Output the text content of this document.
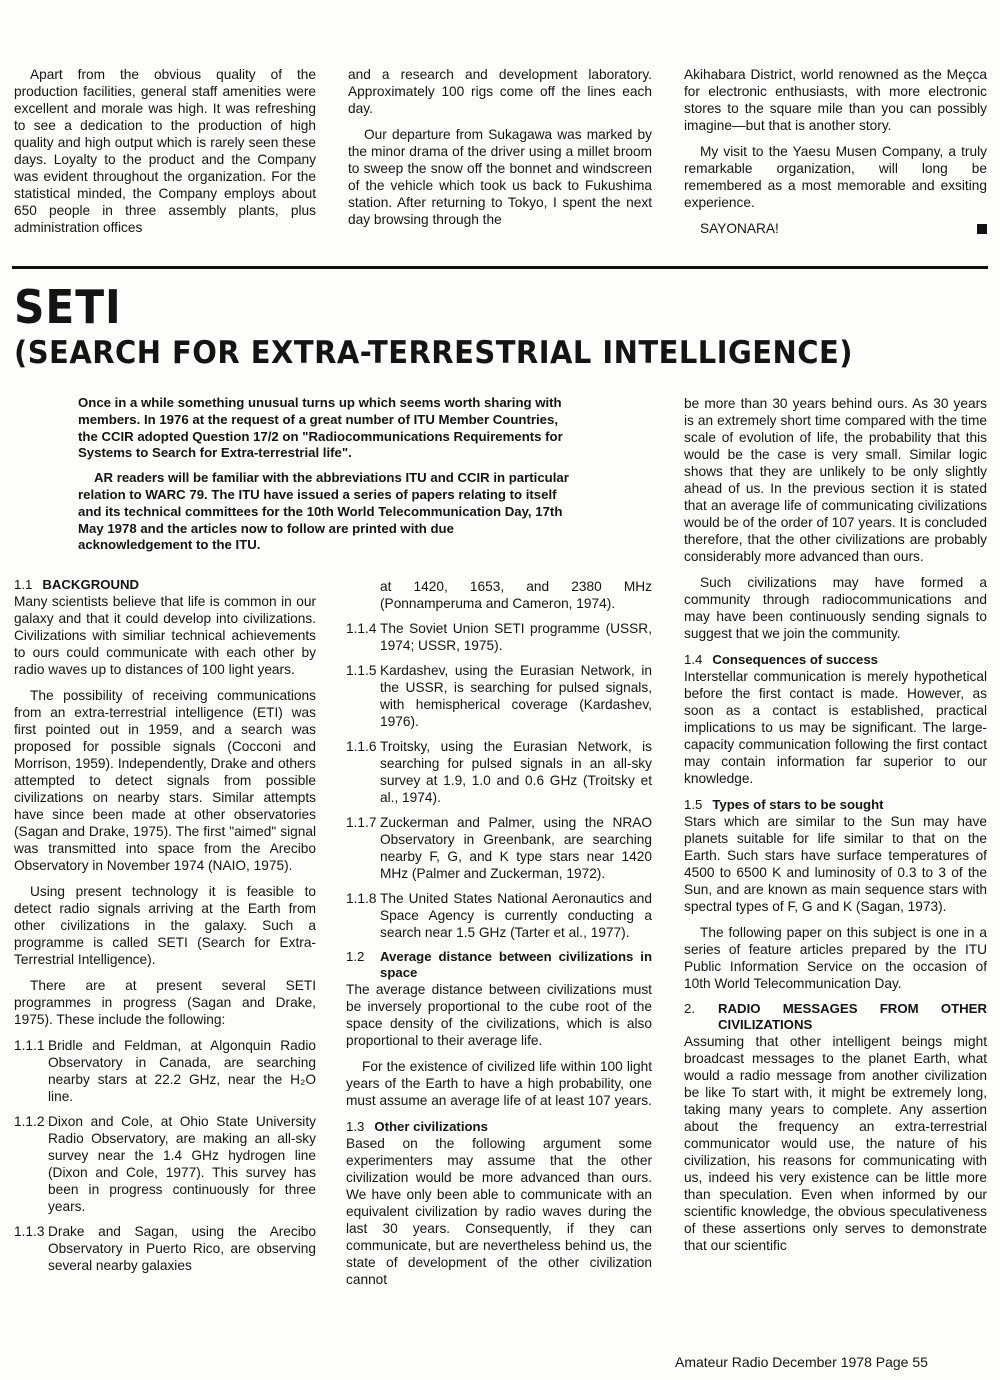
Apart from the obvious quality of the production facilities, general staff amenities were excellent and morale was high. It was refreshing to see a dedication to the production of high quality and high output which is rarely seen these days. Loyalty to the product and the Company was evident throughout the organization. For the statistical minded, the Company employs about 650 people in three assembly plants, plus administration offices

and a research and development laboratory. Approximately 100 rigs come off the lines each day.

Our departure from Sukagawa was marked by the minor drama of the driver using a millet broom to sweep the snow off the bonnet and windscreen of the vehicle which took us back to Fukushima station. After returning to Tokyo, I spent the next day browsing through the

Akihabara District, world renowned as the Meçca for electronic enthusiasts, with more electronic stores to the square mile than you can possibly imagine—but that is another story.

My visit to the Yaesu Musen Company, a truly remarkable organization, will long be remembered as a most memorable and exsiting experience.

SAYONARA!
SETI
(SEARCH FOR EXTRA-TERRESTRIAL INTELLIGENCE)

Once in a while something unusual turns up which seems worth sharing with members. In 1976 at the request of a great number of ITU Member Countries, the CCIR adopted Question 17/2 on "Radiocommunications Requirements for Systems to Search for Extra-terrestrial life".

AR readers will be familiar with the abbreviations ITU and CCIR in particular relation to WARC 79. The ITU have issued a series of papers relating to itself and its technical committees for the 10th World Telecommunication Day, 17th May 1978 and the articles now to follow are printed with due acknowledgement to the ITU.

1.1 BACKGROUND

Many scientists believe that life is common in our galaxy and that it could develop into civilizations. Civilizations with similiar technical achievements to ours could communicate with each other by radio waves up to distances of 100 light years.

The possibility of receiving communications from an extra-terrestrial intelligence (ETI) was first pointed out in 1959, and a search was proposed for possible signals (Cocconi and Morrison, 1959). Independently, Drake and others attempted to detect signals from possible civilizations on nearby stars. Similar attempts have since been made at other observatories (Sagan and Drake, 1975). The first "aimed" signal was transmitted into space from the Arecibo Observatory in November 1974 (NAIO, 1975).

Using present technology it is feasible to detect radio signals arriving at the Earth from other civilizations in the galaxy. Such a programme is called SETI (Search for Extra-Terrestrial Intelligence).

There are at present several SETI programmes in progress (Sagan and Drake, 1975). These include the following:

1.1.1 Bridle and Feldman, at Algonquin Radio Observatory in Canada, are searching nearby stars at 22.2 GHz, near the H₂O line.
1.1.2 Dixon and Cole, at Ohio State University Radio Observatory, are making an all-sky survey near the 1.4 GHz hydrogen line (Dixon and Cole, 1977). This survey has been in progress continuously for three years.
1.1.3 Drake and Sagan, using the Arecibo Observatory in Puerto Rico, are observing several nearby galaxies
at 1420, 1653, and 2380 MHz (Ponnamperuma and Cameron, 1974).
1.1.4 The Soviet Union SETI programme (USSR, 1974; USSR, 1975).
1.1.5 Kardashev, using the Eurasian Network, in the USSR, is searching for pulsed signals, with hemispherical coverage (Kardashev, 1976).
1.1.6 Troitsky, using the Eurasian Network, is searching for pulsed signals in an all-sky survey at 1.9, 1.0 and 0.6 GHz (Troitsky et al., 1974).
1.1.7 Zuckerman and Palmer, using the NRAO Observatory in Greenbank, are searching nearby F, G, and K type stars near 1420 MHz (Palmer and Zuckerman, 1972).
1.1.8 The United States National Aeronautics and Space Agency is currently conducting a search near 1.5 GHz (Tarter et al., 1977).
1.2	Average distance between civilizations in space

The average distance between civilizations must be inversely proportional to the cube root of the space density of the civilizations, which is also proportional to their average life.

For the existence of civilized life within 100 light years of the Earth to have a high probability, one must assume an average life of at least 107 years.

1.3 Other civilizations

Based on the following argument some experimenters may assume that the other civilization would be more advanced than ours. We have only been able to communicate with an equivalent civilization by radio waves during the last 30 years. Consequently, if they can communicate, but are nevertheless behind us, the state of development of the other civilization cannot

be more than 30 years behind ours. As 30 years is an extremely short time compared with the time scale of evolution of life, the probability that this would be the case is very small. Similar logic shows that they are unlikely to be only slightly ahead of us. In the previous section it is stated that an average life of communicating civilizations would be of the order of 107 years. It is concluded therefore, that the other civilizations are probably considerably more advanced than ours.

Such civilizations may have formed a community through radiocommunications and may have been continuously sending signals to suggest that we join the community.

1.4 Consequences of success

Interstellar communication is merely hypothetical before the first contact is made. However, as soon as a contact is established, practical implications to us may be significant. The large-capacity communication following the first contact may contain information far superior to our knowledge.

1.5 Types of stars to be sought

Stars which are similar to the Sun may have planets suitable for life similar to that on the Earth. Such stars have surface temperatures of 4500 to 6500 K and luminosity of 0.3 to 3 of the Sun, and are known as main sequence stars with spectral types of F, G and K (Sagan, 1973).

The following paper on this subject is one in a series of feature articles prepared by the ITU Public Information Service on the occasion of 10th World Telecommunication Day.

2.	RADIO MESSAGES FROM OTHER CIVILIZATIONS

Assuming that other intelligent beings might broadcast messages to the planet Earth, what would a radio message from another civilization be like To start with, it might be extremely long, taking many years to complete. Any assertion about the frequency an extra-terrestrial communicator would use, the nature of his civilization, his reasons for communicating with us, indeed his very existence can be little more than speculation. Even when informed by our scientific knowledge, the obvious speculativeness of these assertions only serves to demonstrate that our scientific

Amateur Radio December 1978 Page 55
